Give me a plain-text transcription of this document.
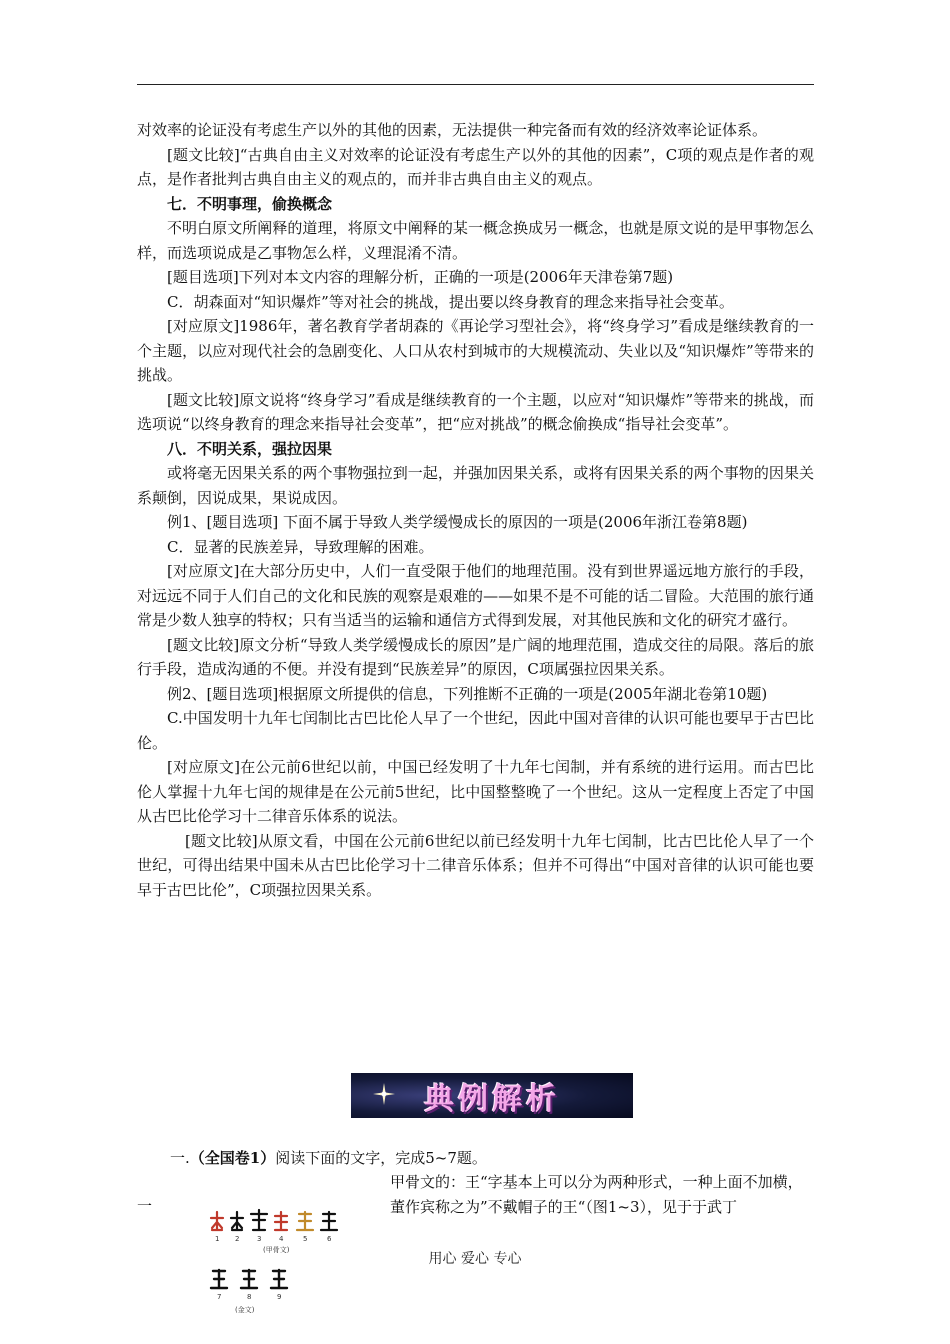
对效率的论证没有考虑生产以外的其他的因素，无法提供一种完备而有效的经济效率论证体系。

[题文比较]“古典自由主义对效率的论证没有考虑生产以外的其他的因素”，C项的观点是作者的观点，是作者批判古典自由主义的观点的，而并非古典自由主义的观点。

七．不明事理，偷换概念

不明白原文所阐释的道理，将原文中阐释的某一概念换成另一概念，也就是原文说的是甲事物怎么样，而选项说成是乙事物怎么样，义理混淆不清。

[题目选项]下列对本文内容的理解分析，正确的一项是(2006年天津卷第7题)

C．胡森面对“知识爆炸”等对社会的挑战，提出要以终身教育的理念来指导社会变革。

[对应原文]1986年，著名教育学者胡森的《再论学习型社会》，将“终身学习”看成是继续教育的一个主题，以应对现代社会的急剧变化、人口从农村到城市的大规模流动、失业以及“知识爆炸”等带来的挑战。

[题文比较]原文说将“终身学习”看成是继续教育的一个主题，以应对“知识爆炸”等带来的挑战，而选项说“以终身教育的理念来指导社会变革”，把“应对挑战”的概念偷换成“指导社会变革”。

八．不明关系，强拉因果

或将毫无因果关系的两个事物强拉到一起，并强加因果关系，或将有因果关系的两个事物的因果关系颠倒，因说成果，果说成因。

例1、[题目选项] 下面不属于导致人类学缓慢成长的原因的一项是(2006年浙江卷第8题)

C．显著的民族差异，导致理解的困难。

[对应原文]在大部分历史中，人们一直受限于他们的地理范围。没有到世界遥远地方旅行的手段，对远远不同于人们自己的文化和民族的观察是艰难的——如果不是不可能的话二冒险。大范围的旅行通常是少数人独享的特权；只有当适当的运输和通信方式得到发展，对其他民族和文化的研究才盛行。

[题文比较]原文分析“导致人类学缓慢成长的原因”是广阔的地理范围，造成交往的局限。落后的旅行手段，造成沟通的不便。并没有提到“民族差异”的原因，C项属强拉因果关系。

例2、[题目选项]根据原文所提供的信息，下列推断不正确的一项是(2005年湖北卷第10题)

C.中国发明十九年七闰制比古巴比伦人早了一个世纪，因此中国对音律的认识可能也要早于古巴比伦。

[对应原文]在公元前6世纪以前，中国已经发明了十九年七闰制，并有系统的进行运用。而古巴比伦人掌握十九年七闰的规律是在公元前5世纪，比中国整整晚了一个世纪。这从一定程度上否定了中国从古巴比伦学习十二律音乐体系的说法。

[题文比较]从原文看，中国在公元前6世纪以前已经发明十九年七闰制，比古巴比伦人早了一个世纪，可得出结果中国未从古巴比伦学习十二律音乐体系；但并不可得出“中国对音律的认识可能也要早于古巴比伦”，C项强拉因果关系。

典例解析
一.（全国卷1）阅读下面的文字，完成5~7题。
甲骨文的：王“字基本上可以分为两种形式，一种上面不加横，董作宾称之为”不戴帽子的王“（图1~3），见于于武丁
一
1 2	3	4	5	6
(甲骨文)
7	8	9
(金文)
用心 爱心 专心
